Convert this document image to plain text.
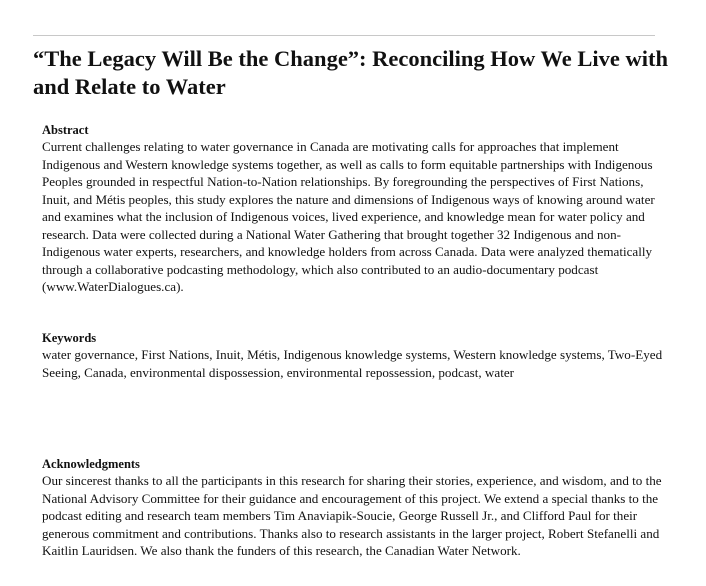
“The Legacy Will Be the Change”: Reconciling How We Live with and Relate to Water
Abstract
Current challenges relating to water governance in Canada are motivating calls for approaches that implement Indigenous and Western knowledge systems together, as well as calls to form equitable partnerships with Indigenous Peoples grounded in respectful Nation-to-Nation relationships. By foregrounding the perspectives of First Nations, Inuit, and Métis peoples, this study explores the nature and dimensions of Indigenous ways of knowing around water and examines what the inclusion of Indigenous voices, lived experience, and knowledge mean for water policy and research. Data were collected during a National Water Gathering that brought together 32 Indigenous and non-Indigenous water experts, researchers, and knowledge holders from across Canada. Data were analyzed thematically through a collaborative podcasting methodology, which also contributed to an audio-documentary podcast (www.WaterDialogues.ca).
Keywords
water governance, First Nations, Inuit, Métis, Indigenous knowledge systems, Western knowledge systems, Two-Eyed Seeing, Canada, environmental dispossession, environmental repossession, podcast, water
Acknowledgments
Our sincerest thanks to all the participants in this research for sharing their stories, experience, and wisdom, and to the National Advisory Committee for their guidance and encouragement of this project. We extend a special thanks to the podcast editing and research team members Tim Anaviapik-Soucie, George Russell Jr., and Clifford Paul for their generous commitment and contributions. Thanks also to research assistants in the larger project, Robert Stefanelli and Kaitlin Lauridsen. We also thank the funders of this research, the Canadian Water Network.
